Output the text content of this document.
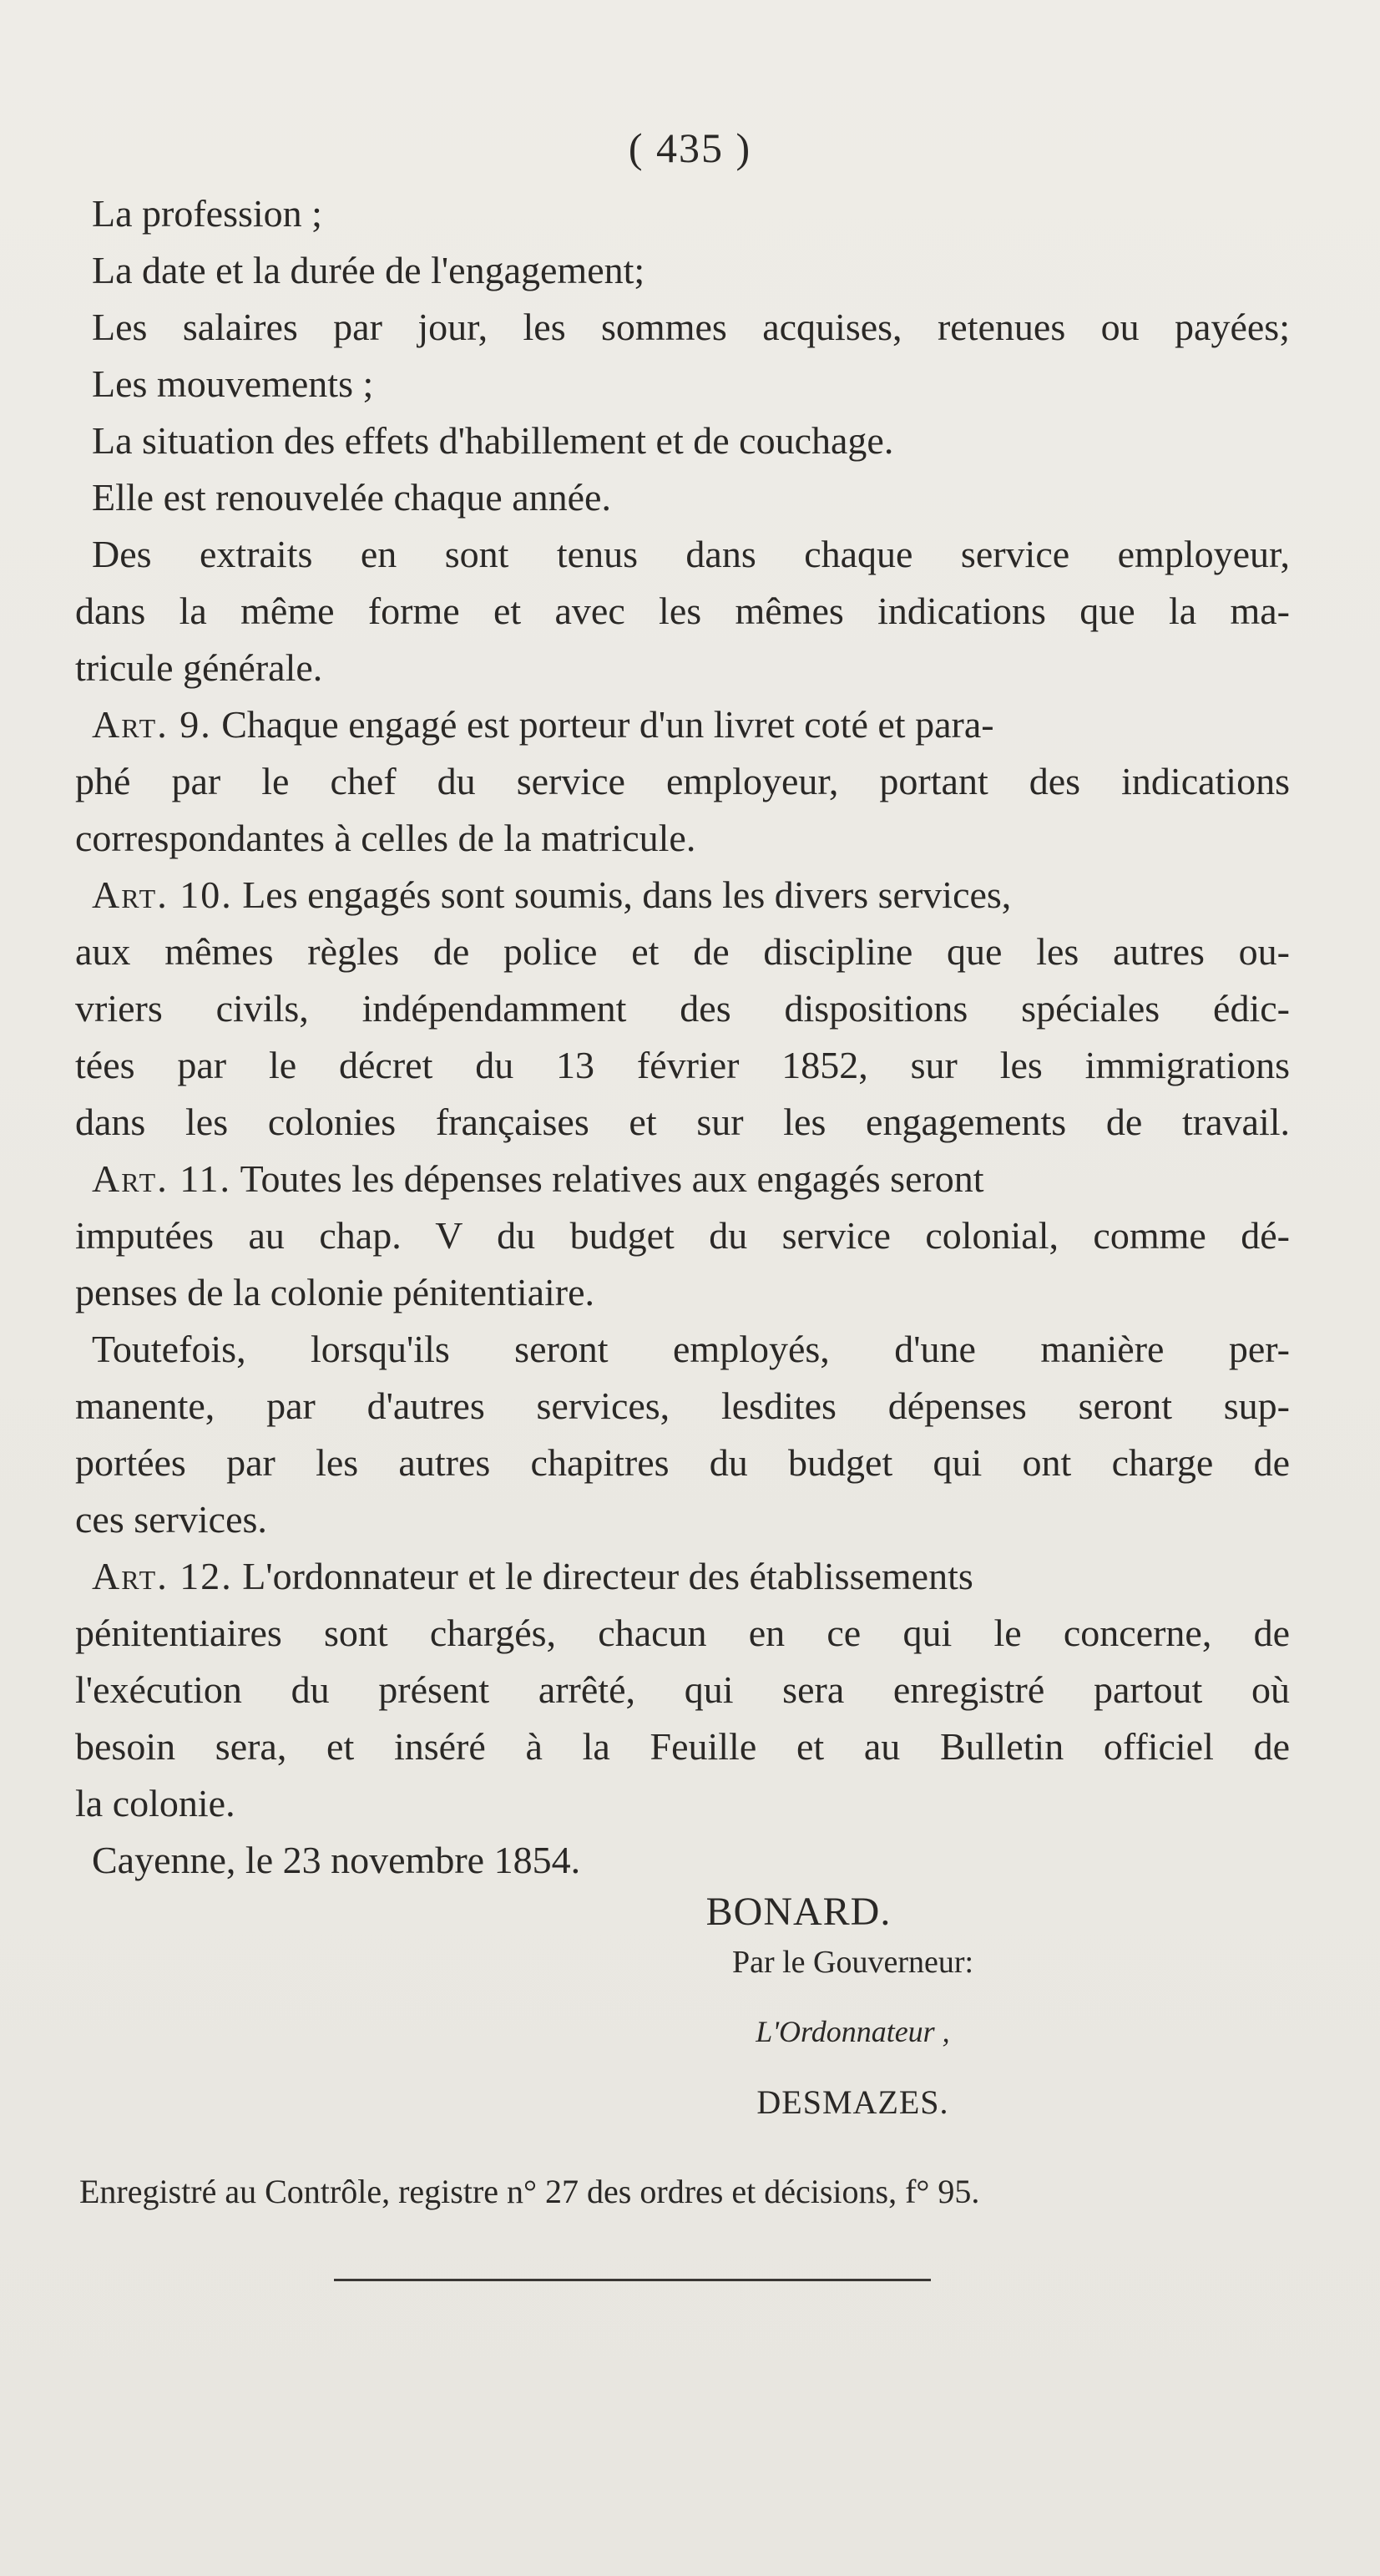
( 435 )
La profession ;
La date et la durée de l'engagement;
Les salaires par jour, les sommes acquises, retenues ou payées;
Les mouvements ;
La situation des effets d'habillement et de couchage.
Elle est renouvelée chaque année.
Des extraits en sont tenus dans chaque service employeur,
dans la même forme et avec les mêmes indications que la ma-
tricule générale.
Art. 9. Chaque engagé est porteur d'un livret coté et para-
phé par le chef du service employeur, portant des indications
correspondantes à celles de la matricule.
Art. 10. Les engagés sont soumis, dans les divers services,
aux mêmes règles de police et de discipline que les autres ou-
vriers civils, indépendamment des dispositions spéciales édic-
tées par le décret du 13 février 1852, sur les immigrations
dans les colonies françaises et sur les engagements de travail.
Art. 11. Toutes les dépenses relatives aux engagés seront
imputées au chap. V du budget du service colonial, comme dé-
penses de la colonie pénitentiaire.
Toutefois, lorsqu'ils seront employés, d'une manière per-
manente, par d'autres services, lesdites dépenses seront sup-
portées par les autres chapitres du budget qui ont charge de
ces services.
Art. 12. L'ordonnateur et le directeur des établissements
pénitentiaires sont chargés, chacun en ce qui le concerne, de
l'exécution du présent arrêté, qui sera enregistré partout où
besoin sera, et inséré à la Feuille et au Bulletin officiel de
la colonie.
Cayenne, le 23 novembre 1854.
BONARD.
Par le Gouverneur:
L'Ordonnateur ,
DESMAZES.
Enregistré au Contrôle, registre n° 27 des ordres et décisions, f° 95.
